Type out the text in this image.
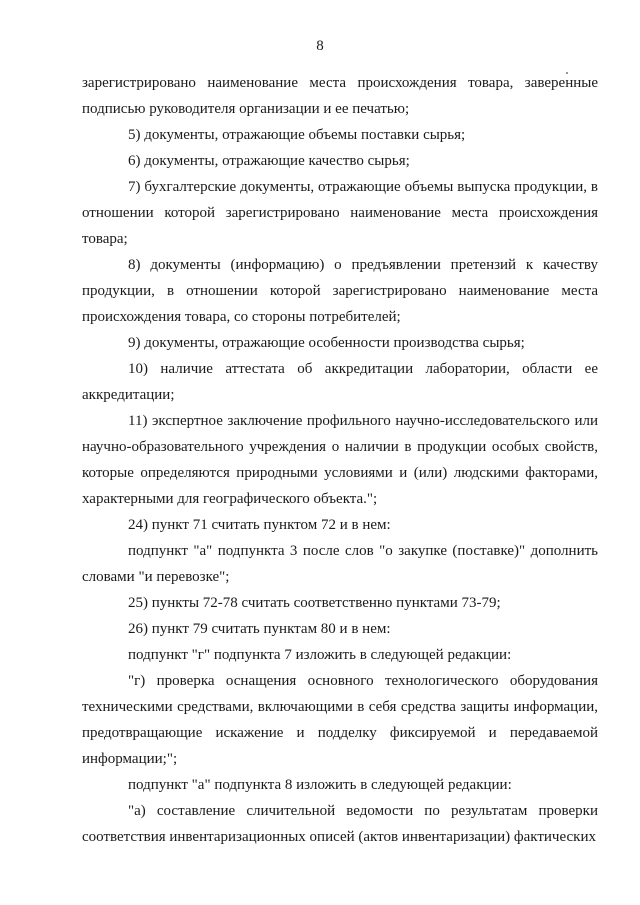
8

зарегистрировано наименование места происхождения товара, заверенные подписью руководителя организации и ее печатью;

5) документы, отражающие объемы поставки сырья;

6) документы, отражающие качество сырья;

7) бухгалтерские документы, отражающие объемы выпуска продукции, в отношении которой зарегистрировано наименование места происхождения товара;

8) документы (информацию) о предъявлении претензий к качеству продукции, в отношении которой зарегистрировано наименование места происхождения товара, со стороны потребителей;

9) документы, отражающие особенности производства сырья;

10) наличие аттестата об аккредитации лаборатории, области ее аккредитации;

11) экспертное заключение профильного научно-исследовательского или научно-образовательного учреждения о наличии в продукции особых свойств, которые определяются природными условиями и (или) людскими факторами, характерными для географического объекта.";

24) пункт 71 считать пунктом 72 и в нем:

подпункт "а" подпункта 3 после слов "о закупке (поставке)" дополнить словами "и перевозке";

25) пункты 72-78 считать соответственно пунктами 73-79;

26) пункт 79 считать пунктам 80 и в нем:

подпункт "г" подпункта 7 изложить в следующей редакции:

"г) проверка оснащения основного технологического оборудования техническими средствами, включающими в себя средства защиты информации, предотвращающие искажение и подделку фиксируемой и передаваемой информации;";

подпункт "а" подпункта 8 изложить в следующей редакции:

"а) составление сличительной ведомости по результатам проверки соответствия инвентаризационных описей (актов инвентаризации) фактических
